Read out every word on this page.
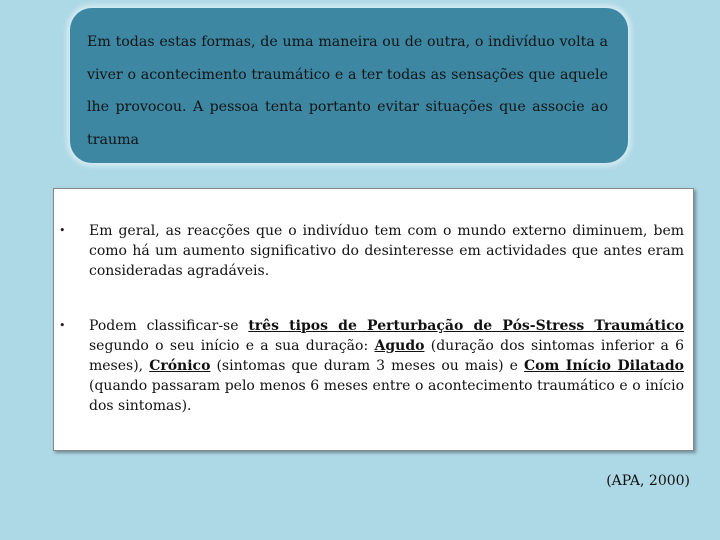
Em todas estas formas, de uma maneira ou de outra, o indivíduo volta a viver o acontecimento traumático e a ter todas as sensações que aquele lhe provocou. A pessoa tenta portanto evitar situações que associe ao trauma

• Em geral, as reacções que o indivíduo tem com o mundo externo diminuem, bem como há um aumento significativo do desinteresse em actividades que antes eram consideradas agradáveis.
• Podem classificar-se três tipos de Perturbação de Pós-Stress Traumático segundo o seu início e a sua duração: Agudo (duração dos sintomas inferior a 6 meses), Crónico (sintomas que duram 3 meses ou mais) e Com Início Dilatado (quando passaram pelo menos 6 meses entre o acontecimento traumático e o início dos sintomas).
(APA, 2000)
